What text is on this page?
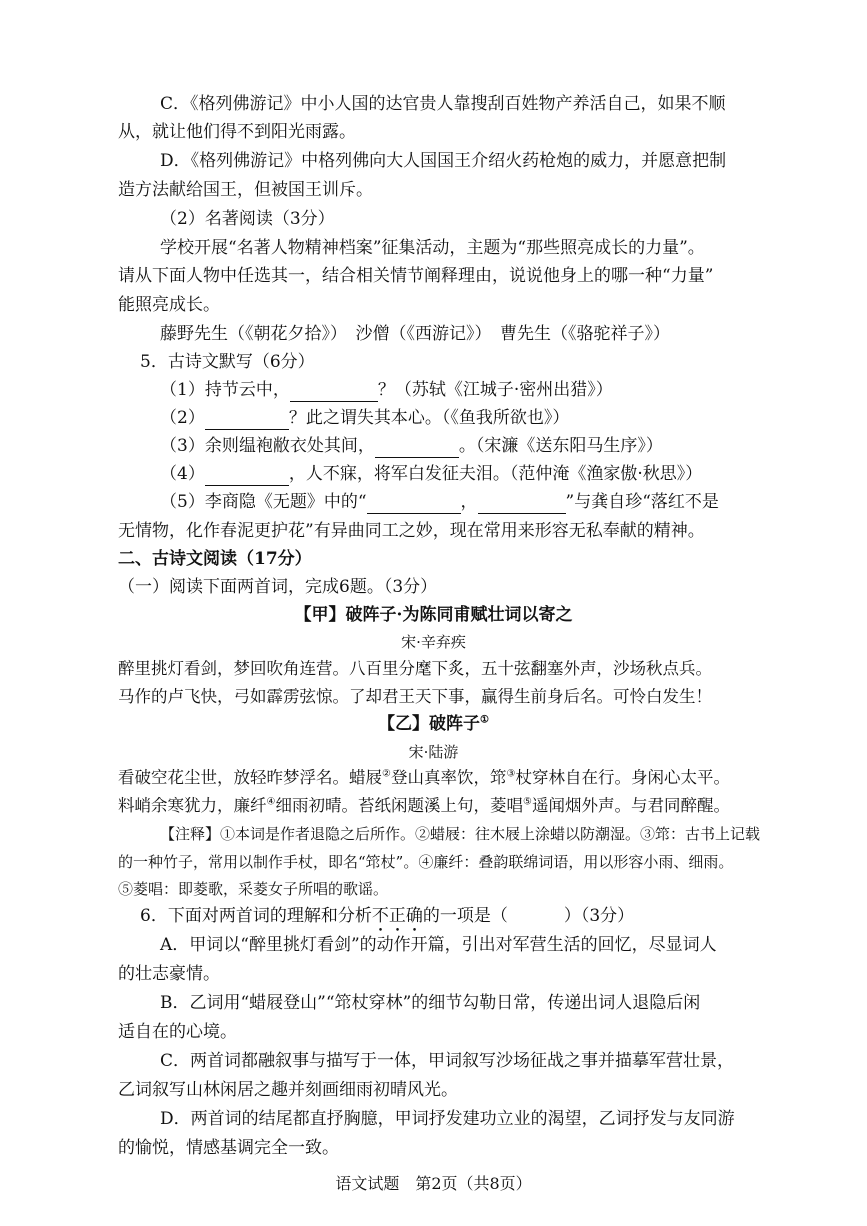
C．《格列佛游记》中小人国的达官贵人靠搜刮百姓物产养活自己，如果不顺
从，就让他们得不到阳光雨露。
D．《格列佛游记》中格列佛向大人国国王介绍火药枪炮的威力，并愿意把制
造方法献给国王，但被国王训斥。
（2）名著阅读（3分）
学校开展“名著人物精神档案”征集活动，主题为“那些照亮成长的力量”。
请从下面人物中任选其一，结合相关情节阐释理由，说说他身上的哪一种“力量”
能照亮成长。
藤野先生（《朝花夕拾》）　沙僧（《西游记》）　曹先生（《骆驼祥子》）
5．古诗文默写（6分）
（1）持节云中，	？（苏轼《江城子·密州出猎》）
（2）	？此之谓失其本心。（《鱼我所欲也》）
（3）余则缊袍敝衣处其间，	。（宋濂《送东阳马生序》）
（4）	，人不寐，将军白发征夫泪。（范仲淹《渔家傲·秋思》）
（5）李商隐《无题》中的“	，	”与龚自珍“落红不是
无情物，化作春泥更护花”有异曲同工之妙，现在常用来形容无私奉献的精神。
二、古诗文阅读（17分）
（一）阅读下面两首词，完成6题。（3分）
【甲】破阵子·为陈同甫赋壮词以寄之
宋·辛弃疾
醉里挑灯看剑，梦回吹角连营。八百里分麾下炙，五十弦翻塞外声，沙场秋点兵。
马作的卢飞快，弓如霹雳弦惊。了却君王天下事，赢得生前身后名。可怜白发生！
【乙】破阵子①
宋·陆游
看破空花尘世，放轻昨梦浮名。蜡屐②登山真率饮，筇③杖穿林自在行。身闲心太平。
料峭余寒犹力，廉纤④细雨初晴。苔纸闲题溪上句，菱唱⑤遥闻烟外声。与君同醉醒。
【注释】①本词是作者退隐之后所作。②蜡屐：往木屐上涂蜡以防潮湿。③筇：古书上记载
的一种竹子，常用以制作手杖，即名“筇杖”。④廉纤：叠韵联绵词语，用以形容小雨、细雨。
⑤菱唱：即菱歌，采菱女子所唱的歌谣。
6．下面对两首词的理解和分析不正确的一项是（	）（3分）
A．甲词以“醉里挑灯看剑”的动作开篇，引出对军营生活的回忆，尽显词人
的壮志豪情。
B．乙词用“蜡屐登山”“筇杖穿林”的细节勾勒日常，传递出词人退隐后闲
适自在的心境。
C．两首词都融叙事与描写于一体，甲词叙写沙场征战之事并描摹军营壮景，
乙词叙写山林闲居之趣并刻画细雨初晴风光。
D．两首词的结尾都直抒胸臆，甲词抒发建功立业的渴望，乙词抒发与友同游
的愉悦，情感基调完全一致。
语文试题　第2页（共8页）
